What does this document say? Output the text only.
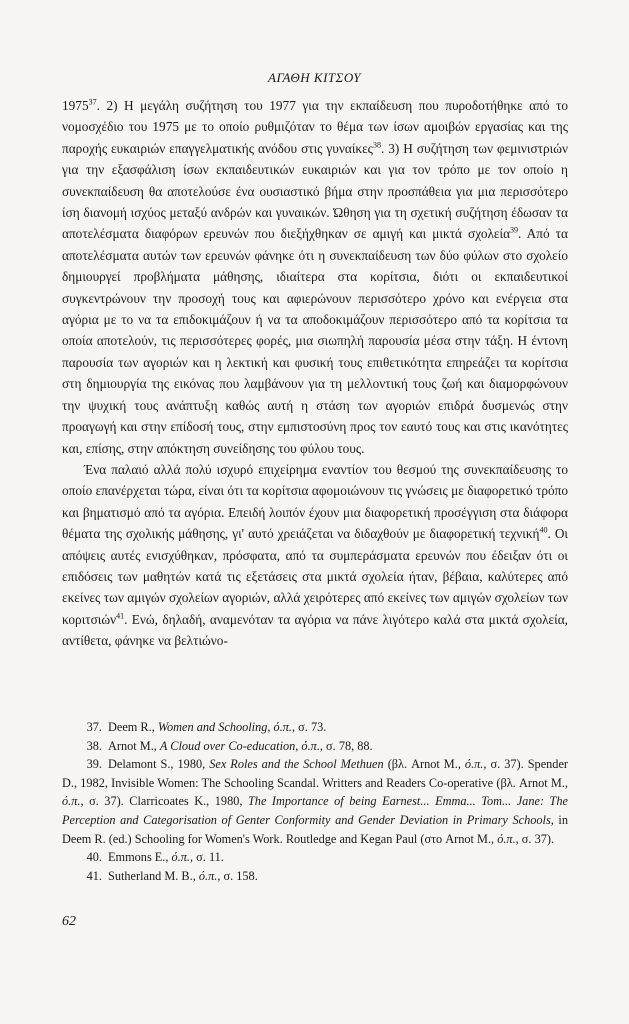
ΑΓΑΘΗ ΚΙΤΣΟΥ

1975$^{37}$. 2) Η μεγάλη συζήτηση του 1977 για την εκπαίδευση που πυροδοτήθηκε από το νομοσχέδιο του 1975 με το οποίο ρυθμιζόταν το θέμα των ίσων αμοιβών εργασίας και της παροχής ευκαιριών επαγγελματικής ανόδου στις γυναίκες$^{38}$. 3) Η συζήτηση των φεμινιστριών για την εξασφάλιση ίσων εκπαιδευτικών ευκαιριών και για τον τρόπο με τον οποίο η συνεκπαίδευση θα αποτελούσε ένα ουσιαστικό βήμα στην προσπάθεια για μια περισσότερο ίση διανομή ισχύος μεταξύ ανδρών και γυναικών. Ώθηση για τη σχετική συζήτηση έδωσαν τα αποτελέσματα διαφόρων ερευνών που διεξήχθηκαν σε αμιγή και μικτά σχολεία$^{39}$. Από τα αποτελέσματα αυτών των ερευνών φάνηκε ότι η συνεκπαίδευση των δύο φύλων στο σχολείο δημιουργεί προβλήματα μάθησης, ιδιαίτερα στα κορίτσια, διότι οι εκπαιδευτικοί συγκεντρώνουν την προσοχή τους και αφιερώνουν περισσότερο χρόνο και ενέργεια στα αγόρια με το να τα επιδοκιμάζουν ή να τα αποδοκιμάζουν περισσότερο από τα κορίτσια τα οποία αποτελούν, τις περισσότερες φορές, μια σιωπηλή παρουσία μέσα στην τάξη. Η έντονη παρουσία των αγοριών και η λεκτική και φυσική τους επιθετικότητα επηρεάζει τα κορίτσια στη δημιουργία της εικόνας που λαμβάνουν για τη μελλοντική τους ζωή και διαμορφώνουν την ψυχική τους ανάπτυξη καθώς αυτή η στάση των αγοριών επιδρά δυσμενώς στην προαγωγή και στην επίδοσή τους, στην εμπιστοσύνη προς τον εαυτό τους και στις ικανότητες και, επίσης, στην απόκτηση συνείδησης του φύλου τους.

Ένα παλαιό αλλά πολύ ισχυρό επιχείρημα εναντίον του θεσμού της συνεκπαίδευσης το οποίο επανέρχεται τώρα, είναι ότι τα κορίτσια αφομοιώνουν τις γνώσεις με διαφορετικό τρόπο και βηματισμό από τα αγόρια. Επειδή λοιπόν έχουν μια διαφορετική προσέγγιση στα διάφορα θέματα της σχολικής μάθησης, γι' αυτό χρειάζεται να διδαχθούν με διαφορετική τεχνική$^{40}$. Οι απόψεις αυτές ενισχύθηκαν, πρόσφατα, από τα συμπεράσματα ερευνών που έδειξαν ότι οι επιδόσεις των μαθητών κατά τις εξετάσεις στα μικτά σχολεία ήταν, βέβαια, καλύτερες από εκείνες των αμιγών σχολείων αγοριών, αλλά χειρότερες από εκείνες των αμιγών σχολείων των κοριτσιών$^{41}$. Ενώ, δηλαδή, αναμενόταν τα αγόρια να πάνε λιγότερο καλά στα μικτά σχολεία, αντίθετα, φάνηκε να βελτιώνο-

37. Deem R., Women and Schooling, ό.π., σ. 73.

38. Arnot M., A Cloud over Co-education, ό.π., σ. 78, 88.

39. Delamont S., 1980, Sex Roles and the School Methuen (βλ. Arnot M., ό.π., σ. 37). Spender D., 1982, Invisible Women: The Schooling Scandal. Writters and Readers Co-operative (βλ. Arnot M., ό.π., σ. 37). Clarricoates K., 1980, The Importance of being Earnest... Emma... Tom... Jane: The Perception and Categorisation of Genter Conformity and Gender Deviation in Primary Schools, in Deem R. (ed.) Schooling for Women's Work. Routledge and Kegan Paul (στο Arnot M., ό.π., σ. 37).

40. Emmons E., ό.π., σ. 11.

41. Sutherland M. B., ό.π., σ. 158.

62
